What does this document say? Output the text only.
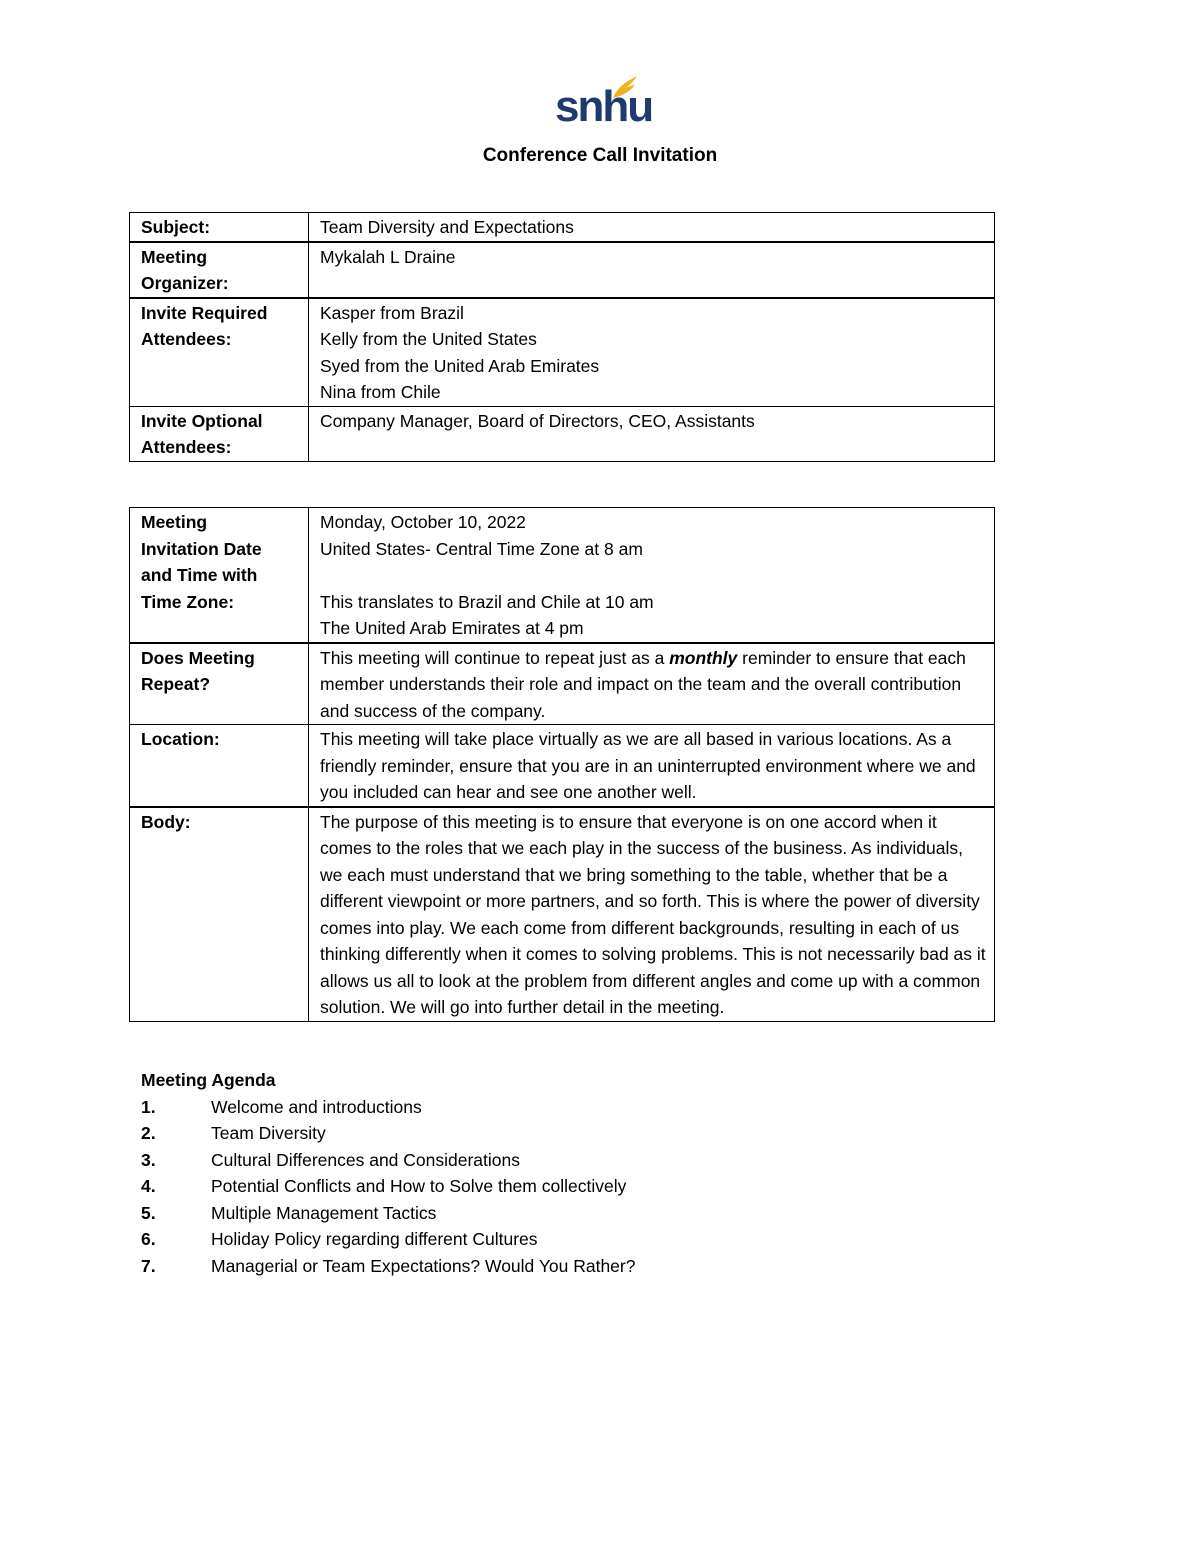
snhu
Conference Call Invitation
Subject:	Team Diversity and Expectations

Meeting
Organizer:	Mykalah L Draine

Invite Required
Attendees:	Kasper from Brazil
Kelly from the United States
Syed from the United Arab Emirates
Nina from Chile

Invite Optional
Attendees:	Company Manager, Board of Directors, CEO, Assistants
Meeting
Invitation Date
and Time with
Time Zone:	Monday, October 10, 2022
United States- Central Time Zone at 8 am
This translates to Brazil and Chile at 10 am
The United Arab Emirates at 4 pm

Does Meeting
Repeat?	This meeting will continue to repeat just as a monthly reminder to ensure that each member understands their role and impact on the team and the overall contribution and success of the company.
Location:	This meeting will take place virtually as we are all based in various locations. As a friendly reminder, ensure that you are in an uninterrupted environment where we and you included can hear and see one another well.
Body:	The purpose of this meeting is to ensure that everyone is on one accord when it comes to the roles that we each play in the success of the business. As individuals, we each must understand that we bring something to the table, whether that be a different viewpoint or more partners, and so forth. This is where the power of diversity comes into play. We each come from different backgrounds, resulting in each of us thinking differently when it comes to solving problems. This is not necessarily bad as it allows us all to look at the problem from different angles and come up with a common solution. We will go into further detail in the meeting.
Meeting Agenda
1.	Welcome and introductions
2.	Team Diversity
3.	Cultural Differences and Considerations
4.	Potential Conflicts and How to Solve them collectively
5.	Multiple Management Tactics
6.	Holiday Policy regarding different Cultures
7.	Managerial or Team Expectations? Would You Rather?
